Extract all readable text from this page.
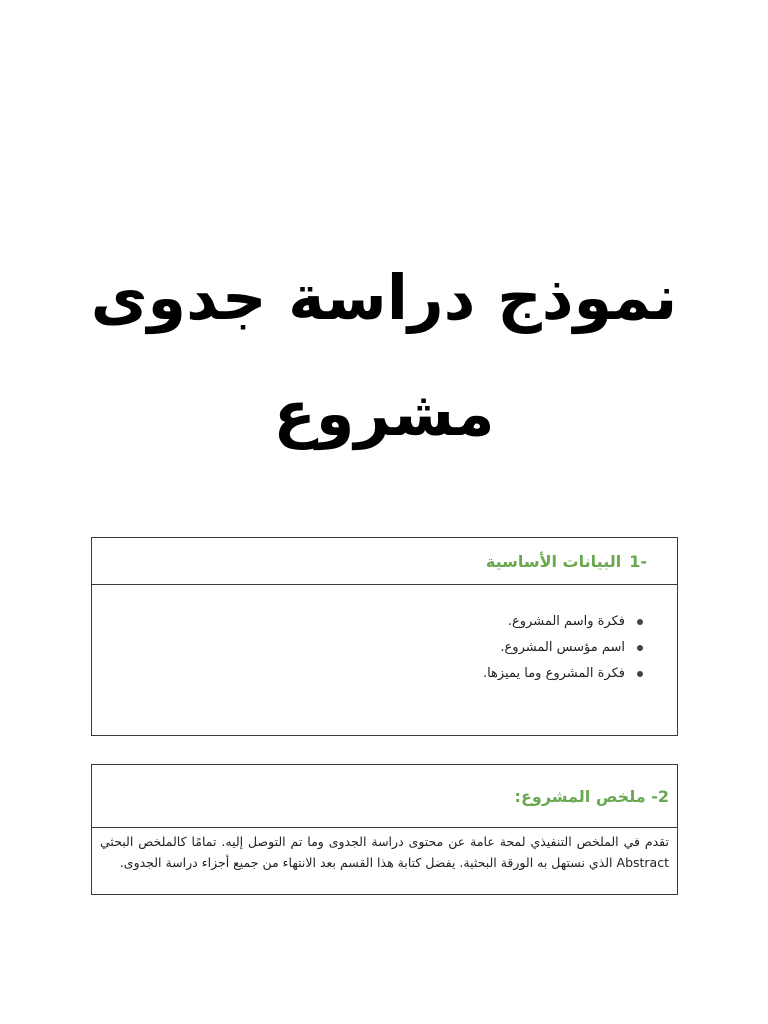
نموذج دراسة جدوى
مشروع
-1
البيانات الأساسية
فكرة واسم المشروع.
اسم مؤسس المشروع.
فكرة المشروع وما يميزها.
2- ملخص المشروع:

تقدم في الملخص التنفيذي لمحة عامة عن محتوى دراسة الجدوى وما تم التوصل إليه. تمامًا كالملخص البحثي Abstract الذي نستهل به الورقة البحثية. يفضل كتابة هذا القسم بعد الانتهاء من جميع أجزاء دراسة الجدوى.
